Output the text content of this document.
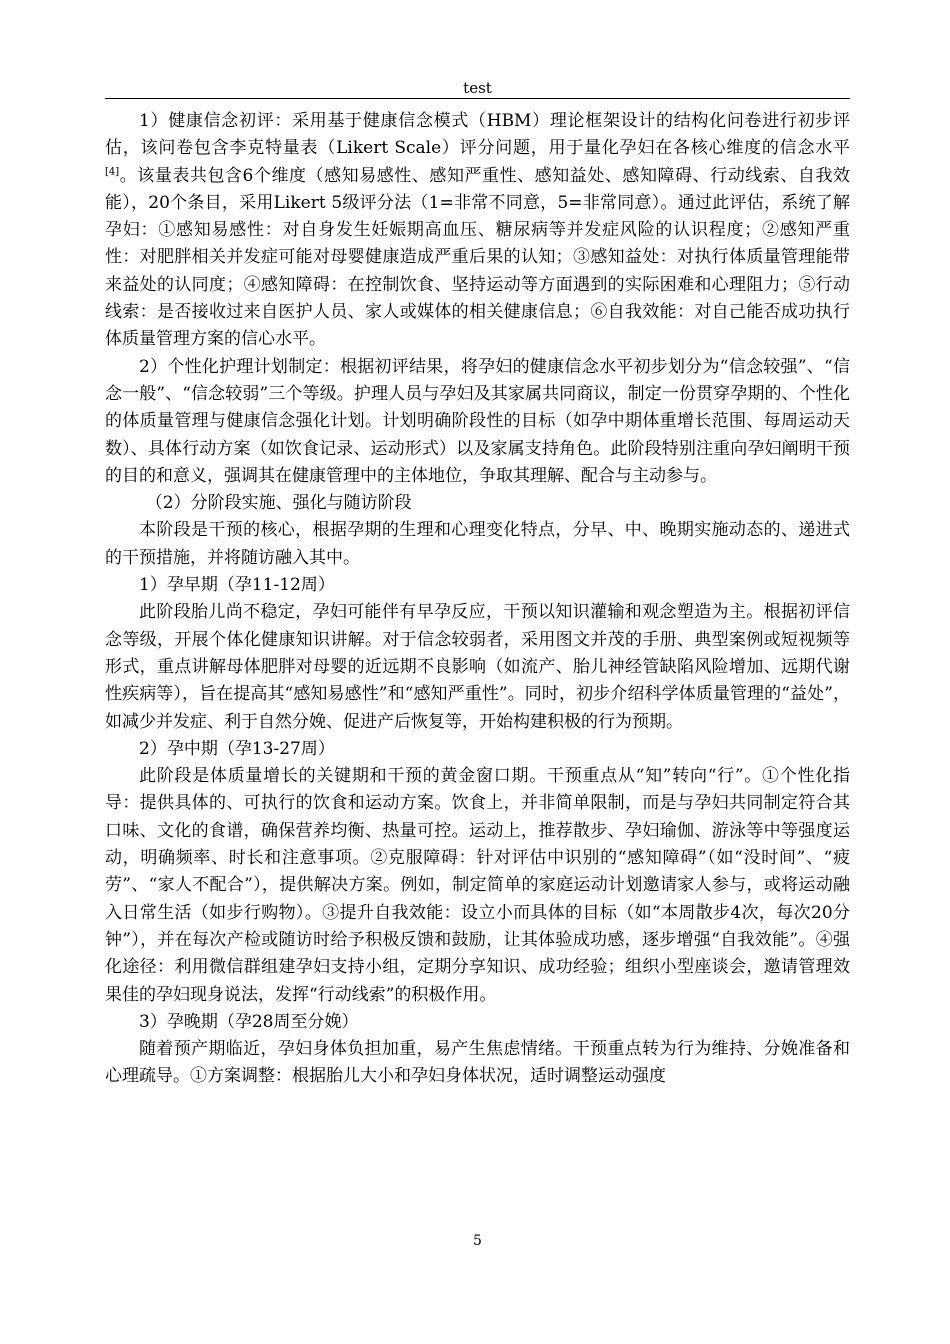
test

1）健康信念初评：采用基于健康信念模式（HBM）理论框架设计的结构化问卷进行初步评估，该问卷包含李克特量表（Likert Scale）评分问题，用于量化孕妇在各核心维度的信念水平[4]。该量表共包含6个维度（感知易感性、感知严重性、感知益处、感知障碍、行动线索、自我效能），20个条目，采用Likert 5级评分法（1=非常不同意，5=非常同意）。通过此评估，系统了解孕妇：①感知易感性：对自身发生妊娠期高血压、糖尿病等并发症风险的认识程度；②感知严重性：对肥胖相关并发症可能对母婴健康造成严重后果的认知；③感知益处：对执行体质量管理能带来益处的认同度；④感知障碍：在控制饮食、坚持运动等方面遇到的实际困难和心理阻力；⑤行动线索：是否接收过来自医护人员、家人或媒体的相关健康信息；⑥自我效能：对自己能否成功执行体质量管理方案的信心水平。

2）个性化护理计划制定：根据初评结果，将孕妇的健康信念水平初步划分为“信念较强”、“信念一般”、“信念较弱”三个等级。护理人员与孕妇及其家属共同商议，制定一份贯穿孕期的、个性化的体质量管理与健康信念强化计划。计划明确阶段性的目标（如孕中期体重增长范围、每周运动天数）、具体行动方案（如饮食记录、运动形式）以及家属支持角色。此阶段特别注重向孕妇阐明干预的目的和意义，强调其在健康管理中的主体地位，争取其理解、配合与主动参与。

（2）分阶段实施、强化与随访阶段

本阶段是干预的核心，根据孕期的生理和心理变化特点，分早、中、晚期实施动态的、递进式的干预措施，并将随访融入其中。

1）孕早期（孕11-12周）

此阶段胎儿尚不稳定，孕妇可能伴有早孕反应，干预以知识灌输和观念塑造为主。根据初评信念等级，开展个体化健康知识讲解。对于信念较弱者，采用图文并茂的手册、典型案例或短视频等形式，重点讲解母体肥胖对母婴的近远期不良影响（如流产、胎儿神经管缺陷风险增加、远期代谢性疾病等），旨在提高其“感知易感性”和“感知严重性”。同时，初步介绍科学体质量管理的“益处”，如减少并发症、利于自然分娩、促进产后恢复等，开始构建积极的行为预期。

2）孕中期（孕13-27周）

此阶段是体质量增长的关键期和干预的黄金窗口期。干预重点从“知”转向“行”。①个性化指导：提供具体的、可执行的饮食和运动方案。饮食上，并非简单限制，而是与孕妇共同制定符合其口味、文化的食谱，确保营养均衡、热量可控。运动上，推荐散步、孕妇瑜伽、游泳等中等强度运动，明确频率、时长和注意事项。②克服障碍：针对评估中识别的“感知障碍”（如“没时间”、“疲劳”、“家人不配合”），提供解决方案。例如，制定简单的家庭运动计划邀请家人参与，或将运动融入日常生活（如步行购物）。③提升自我效能：设立小而具体的目标（如“本周散步4次，每次20分钟”），并在每次产检或随访时给予积极反馈和鼓励，让其体验成功感，逐步增强“自我效能”。④强化途径：利用微信群组建孕妇支持小组，定期分享知识、成功经验；组织小型座谈会，邀请管理效果佳的孕妇现身说法，发挥“行动线索”的积极作用。

3）孕晚期（孕28周至分娩）

随着预产期临近，孕妇身体负担加重，易产生焦虑情绪。干预重点转为行为维持、分娩准备和心理疏导。①方案调整：根据胎儿大小和孕妇身体状况，适时调整运动强度

5
